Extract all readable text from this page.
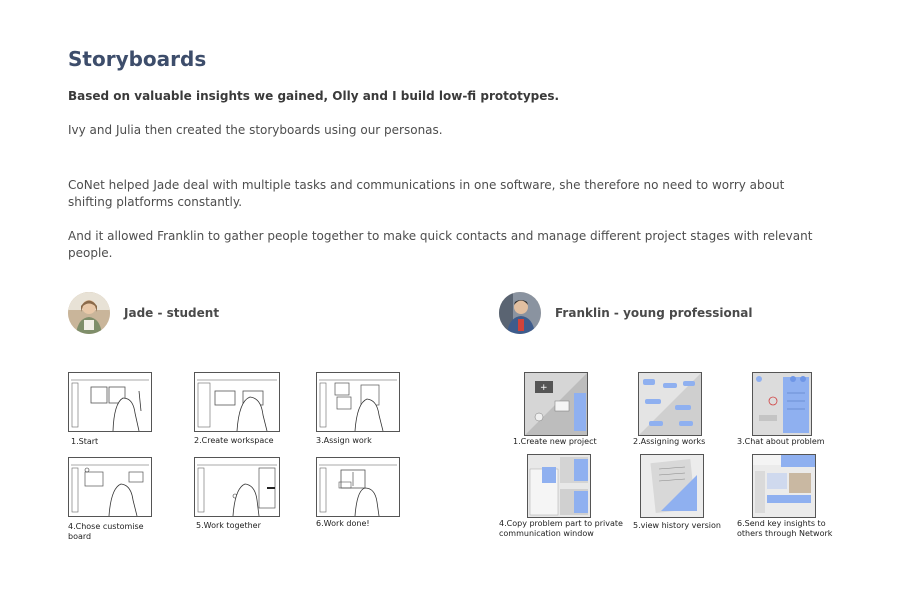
Storyboards
Based on valuable insights we gained, Olly and I build low-fi prototypes.
Ivy and Julia then created the storyboards using our personas.
CoNet helped Jade deal with multiple tasks and communications in one software, she therefore no need to worry about shifting platforms constantly.
And it allowed Franklin to gather people together to make quick contacts and manage different project stages with relevant people.
Jade - student	Franklin - young professional
1.Start	2.Create workspace	3.Assign work
4.Chose customise board
5.Work together	6.Work done!
+
1.Create new project	2.Assigning works	3.Chat about problem
4.Copy problem part to private communication window
5.view history version 6.Send key insights to others through Network
